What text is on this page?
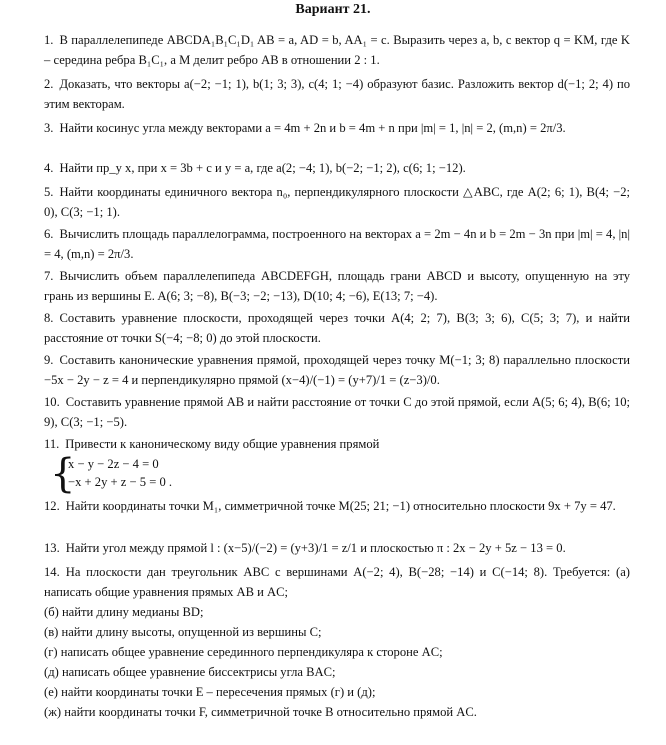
Вариант 21.
1. В параллелепипеде ABCDA₁B₁C₁D₁ AB = a, AD = b, AA₁ = c. Выразить через a, b, c вектор q = KM, где K – середина ребра B₁C₁, а M делит ребро AB в отношении 2 : 1.
2. Доказать, что векторы a(−2; −1; 1), b(1; 3; 3), c(4; 1; −4) образуют базис. Разложить вектор d(−1; 2; 4) по этим векторам.
3. Найти косинус угла между векторами a = 4m + 2n и b = 4m + n при |m| = 1, |n| = 2, (m,n) = 2π/3.
4. Найти пр_y x, при x = 3b + c и y = a, где a(2; −4; 1), b(−2; −1; 2), c(6; 1; −12).
5. Найти координаты единичного вектора n₀, перпендикулярного плоскости △ABC, где A(2; 6; 1), B(4; −2; 0), C(3; −1; 1).
6. Вычислить площадь параллелограмма, построенного на векторах a = 2m − 4n и b = 2m − 3n при |m| = 4, |n| = 4, (m,n) = 2π/3.
7. Вычислить объем параллелепипеда ABCDEFGH, площадь грани ABCD и высоту, опущенную на эту грань из вершины E. A(6; 3; −8), B(−3; −2; −13), D(10; 4; −6), E(13; 7; −4).
8. Составить уравнение плоскости, проходящей через точки A(4; 2; 7), B(3; 3; 6), C(5; 3; 7), и найти расстояние от точки S(−4; −8; 0) до этой плоскости.
9. Составить канонические уравнения прямой, проходящей через точку M(−1; 3; 8) параллельно плоскости −5x − 2y − z = 4 и перпендикулярно прямой (x−4)/(−1) = (y+7)/1 = (z−3)/0.
10. Составить уравнение прямой AB и найти расстояние от точки C до этой прямой, если A(5; 6; 4), B(6; 10; 9), C(3; −1; −5).
11. Привести к каноническому виду общие уравнения прямой
{
x − y − 2z − 4 = 0
−x + 2y + z − 5 = 0 .
12. Найти координаты точки M₁, симметричной точке M(25; 21; −1) относительно плоскости 9x + 7y = 47.
13. Найти угол между прямой l : (x−5)/(−2) = (y+3)/1 = z/1 и плоскостью π : 2x − 2y + 5z − 13 = 0.
14. На плоскости дан треугольник ABC с вершинами A(−2; 4), B(−28; −14) и C(−14; 8). Требуется: (а) написать общие уравнения прямых AB и AC;
(б) найти длину медианы BD;
(в) найти длину высоты, опущенной из вершины C;
(г) написать общее уравнение серединного перпендикуляра к стороне AC;
(д) написать общее уравнение биссектрисы угла BAC;
(е) найти координаты точки E – пересечения прямых (г) и (д);
(ж) найти координаты точки F, симметричной точке B относительно прямой AC.
